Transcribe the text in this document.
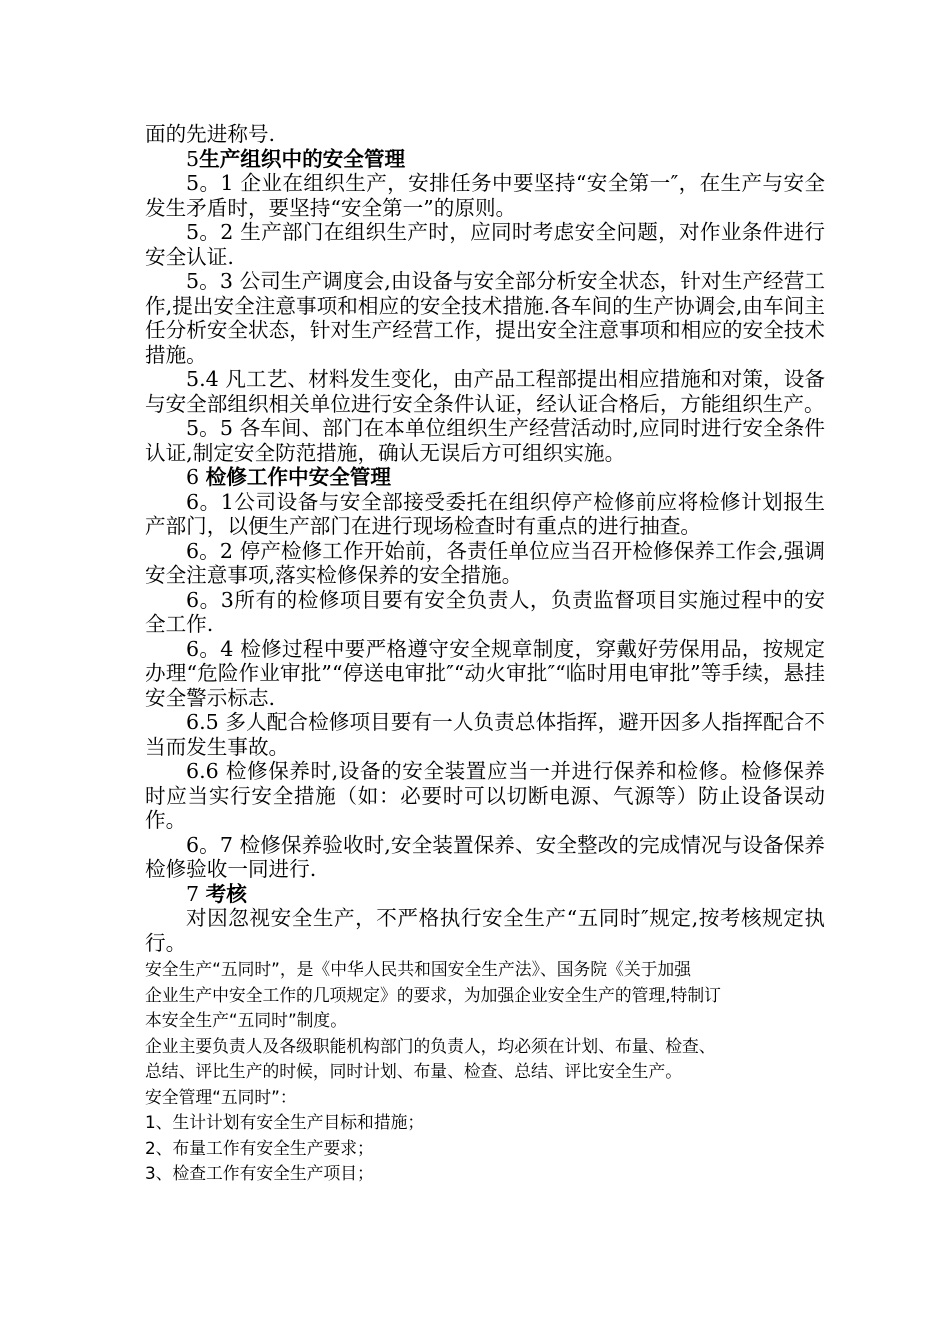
面的先进称号.

5生产组织中的安全管理

5。1 企业在组织生产，安排任务中要坚持“安全第一″，在生产与安全发生矛盾时，要坚持“安全第一”的原则。

5。2 生产部门在组织生产时，应同时考虑安全问题，对作业条件进行安全认证.

5。3 公司生产调度会,由设备与安全部分析安全状态，针对生产经营工作,提出安全注意事项和相应的安全技术措施.各车间的生产协调会,由车间主任分析安全状态，针对生产经营工作，提出安全注意事项和相应的安全技术措施。

5.4 凡工艺、材料发生变化，由产品工程部提出相应措施和对策，设备与安全部组织相关单位进行安全条件认证，经认证合格后，方能组织生产。

5。5 各车间、部门在本单位组织生产经营活动时,应同时进行安全条件认证,制定安全防范措施，确认无误后方可组织实施。

6 检修工作中安全管理

6。1公司设备与安全部接受委托在组织停产检修前应将检修计划报生产部门，以便生产部门在进行现场检查时有重点的进行抽查。

6。2 停产检修工作开始前，各责任单位应当召开检修保养工作会,强调安全注意事项,落实检修保养的安全措施。

6。3所有的检修项目要有安全负责人，负责监督项目实施过程中的安全工作.

6。4 检修过程中要严格遵守安全规章制度，穿戴好劳保用品，按规定办理“危险作业审批”“停送电审批″“动火审批″“临时用电审批”等手续，悬挂安全警示标志.

6.5 多人配合检修项目要有一人负责总体指挥，避开因多人指挥配合不当而发生事故。

6.6 检修保养时,设备的安全装置应当一并进行保养和检修。检修保养时应当实行安全措施（如：必要时可以切断电源、气源等）防止设备误动作。

6。7 检修保养验收时,安全装置保养、安全整改的完成情况与设备保养检修验收一同进行.

7 考核

对因忽视安全生产，不严格执行安全生产“五同时″规定,按考核规定执行。

安全生产“五同时”，是《中华人民共和国安全生产法》、国务院《关于加强
企业生产中安全工作的几项规定》的要求，为加强企业安全生产的管理,特制订
本安全生产“五同时”制度。

企业主要负责人及各级职能机构部门的负责人，均必须在计划、布量、检查、
总结、评比生产的时候，同时计划、布量、检查、总结、评比安全生产。

安全管理“五同时”：

1、生计计划有安全生产目标和措施；

2、布量工作有安全生产要求；

3、检查工作有安全生产项目；
